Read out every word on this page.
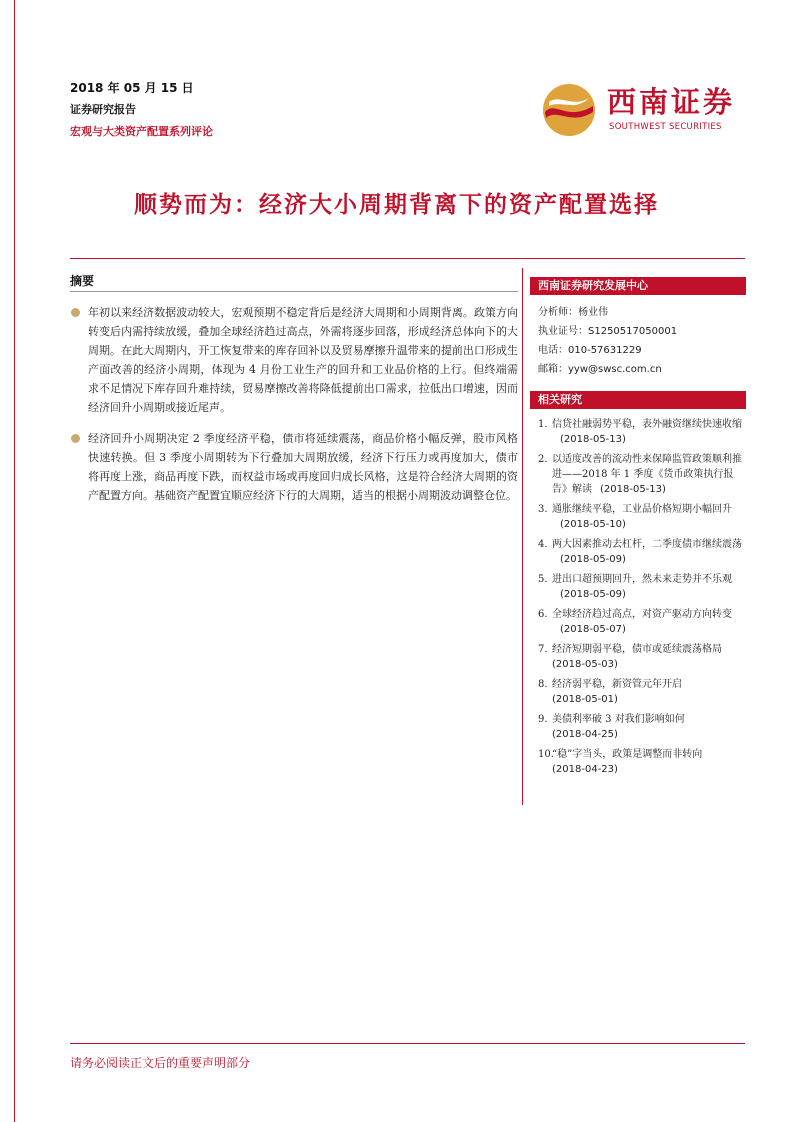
2018 年 05 月 15 日
证券研究报告
宏观与大类资产配置系列评论
西南证券
SOUTHWEST SECURITIES
顺势而为：经济大小周期背离下的资产配置选择
摘要
年初以来经济数据波动较大，宏观预期不稳定背后是经济大周期和小周期背离。政策方向转变后内需持续放缓，叠加全球经济趋过高点，外需将逐步回落，形成经济总体向下的大周期。在此大周期内，开工恢复带来的库存回补以及贸易摩擦升温带来的提前出口形成生产面改善的经济小周期，体现为 4 月份工业生产的回升和工业品价格的上行。但终端需求不足情况下库存回升难持续，贸易摩擦改善将降低提前出口需求，拉低出口增速，因而经济回升小周期或接近尾声。
经济回升小周期决定 2 季度经济平稳，债市将延续震荡，商品价格小幅反弹，股市风格快速转换。但 3 季度小周期转为下行叠加大周期放缓，经济下行压力或再度加大，债市将再度上涨，商品再度下跌，而权益市场或再度回归成长风格，这是符合经济大周期的资产配置方向。基础资产配置宜顺应经济下行的大周期，适当的根据小周期波动调整仓位。
西南证券研究发展中心
分析师：杨业伟
执业证号：S1250517050001
电话：010-57631229
邮箱：yyw@swsc.com.cn
相关研究
1. 信贷社融弱势平稳，表外融资继续快速收缩(2018-05-13)
2. 以适度改善的流动性来保障监管政策顺利推进——2018 年 1 季度《货币政策执行报告》解读 (2018-05-13)
3. 通胀继续平稳，工业品价格短期小幅回升(2018-05-10)
4. 两大因素推动去杠杆，二季度债市继续震荡(2018-05-09)
5. 进出口超预期回升，然未来走势并不乐观(2018-05-09)
6. 全球经济趋过高点，对资产驱动方向转变(2018-05-07)
7. 经济短期弱平稳，债市或延续震荡格局
(2018-05-03)
8. 经济弱平稳，新资管元年开启
(2018-05-01)
9. 美债利率破 3 对我们影响如何
(2018-04-25)
10.
“稳”字当头，政策是调整而非转向
(2018-04-23)
请务必阅读正文后的重要声明部分
